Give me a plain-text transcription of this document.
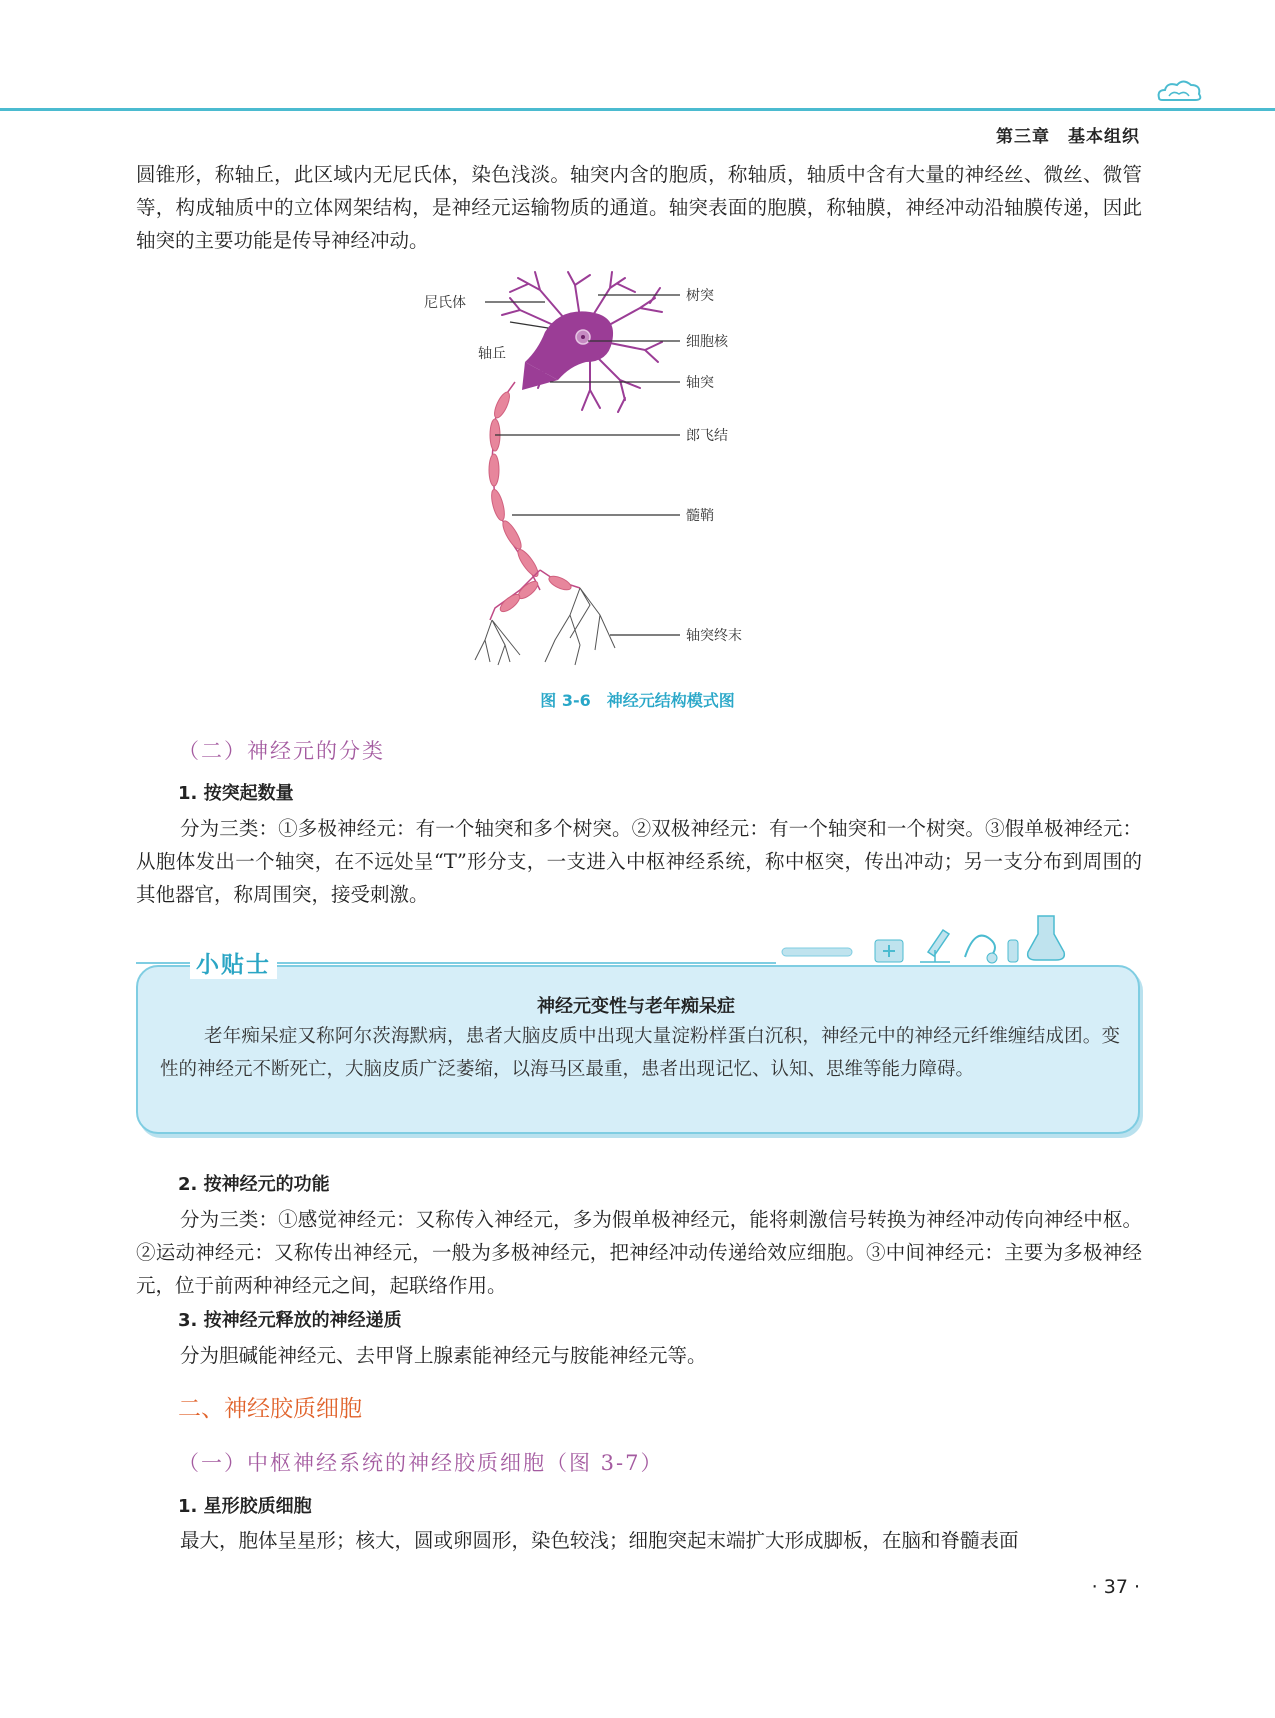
第三章　基本组织

圆锥形，称轴丘，此区域内无尼氏体，染色浅淡。轴突内含的胞质，称轴质，轴质中含有大量的神经丝、微丝、微管等，构成轴质中的立体网架结构，是神经元运输物质的通道。轴突表面的胞膜，称轴膜，神经冲动沿轴膜传递，因此轴突的主要功能是传导神经冲动。

树突
尼氏体
细胞核
轴丘
轴突
郎飞结
髓鞘
轴突终末
图 3-6　神经元结构模式图
（二）神经元的分类
1. 按突起数量

分为三类：①多极神经元：有一个轴突和多个树突。②双极神经元：有一个轴突和一个树突。③假单极神经元：从胞体发出一个轴突，在不远处呈“T”形分支，一支进入中枢神经系统，称中枢突，传出冲动；另一支分布到周围的其他器官，称周围突，接受刺激。

小贴士
神经元变性与老年痴呆症

老年痴呆症又称阿尔茨海默病，患者大脑皮质中出现大量淀粉样蛋白沉积，神经元中的神经元纤维缠结成团。变性的神经元不断死亡，大脑皮质广泛萎缩，以海马区最重，患者出现记忆、认知、思维等能力障碍。

2. 按神经元的功能

分为三类：①感觉神经元：又称传入神经元，多为假单极神经元，能将刺激信号转换为神经冲动传向神经中枢。②运动神经元：又称传出神经元，一般为多极神经元，把神经冲动传递给效应细胞。③中间神经元：主要为多极神经元，位于前两种神经元之间，起联络作用。

3. 按神经元释放的神经递质

分为胆碱能神经元、去甲肾上腺素能神经元与胺能神经元等。

二、神经胶质细胞
（一）中枢神经系统的神经胶质细胞（图 3-7）
1. 星形胶质细胞

最大，胞体呈星形；核大，圆或卵圆形，染色较浅；细胞突起末端扩大形成脚板，在脑和脊髓表面

· 37 ·
